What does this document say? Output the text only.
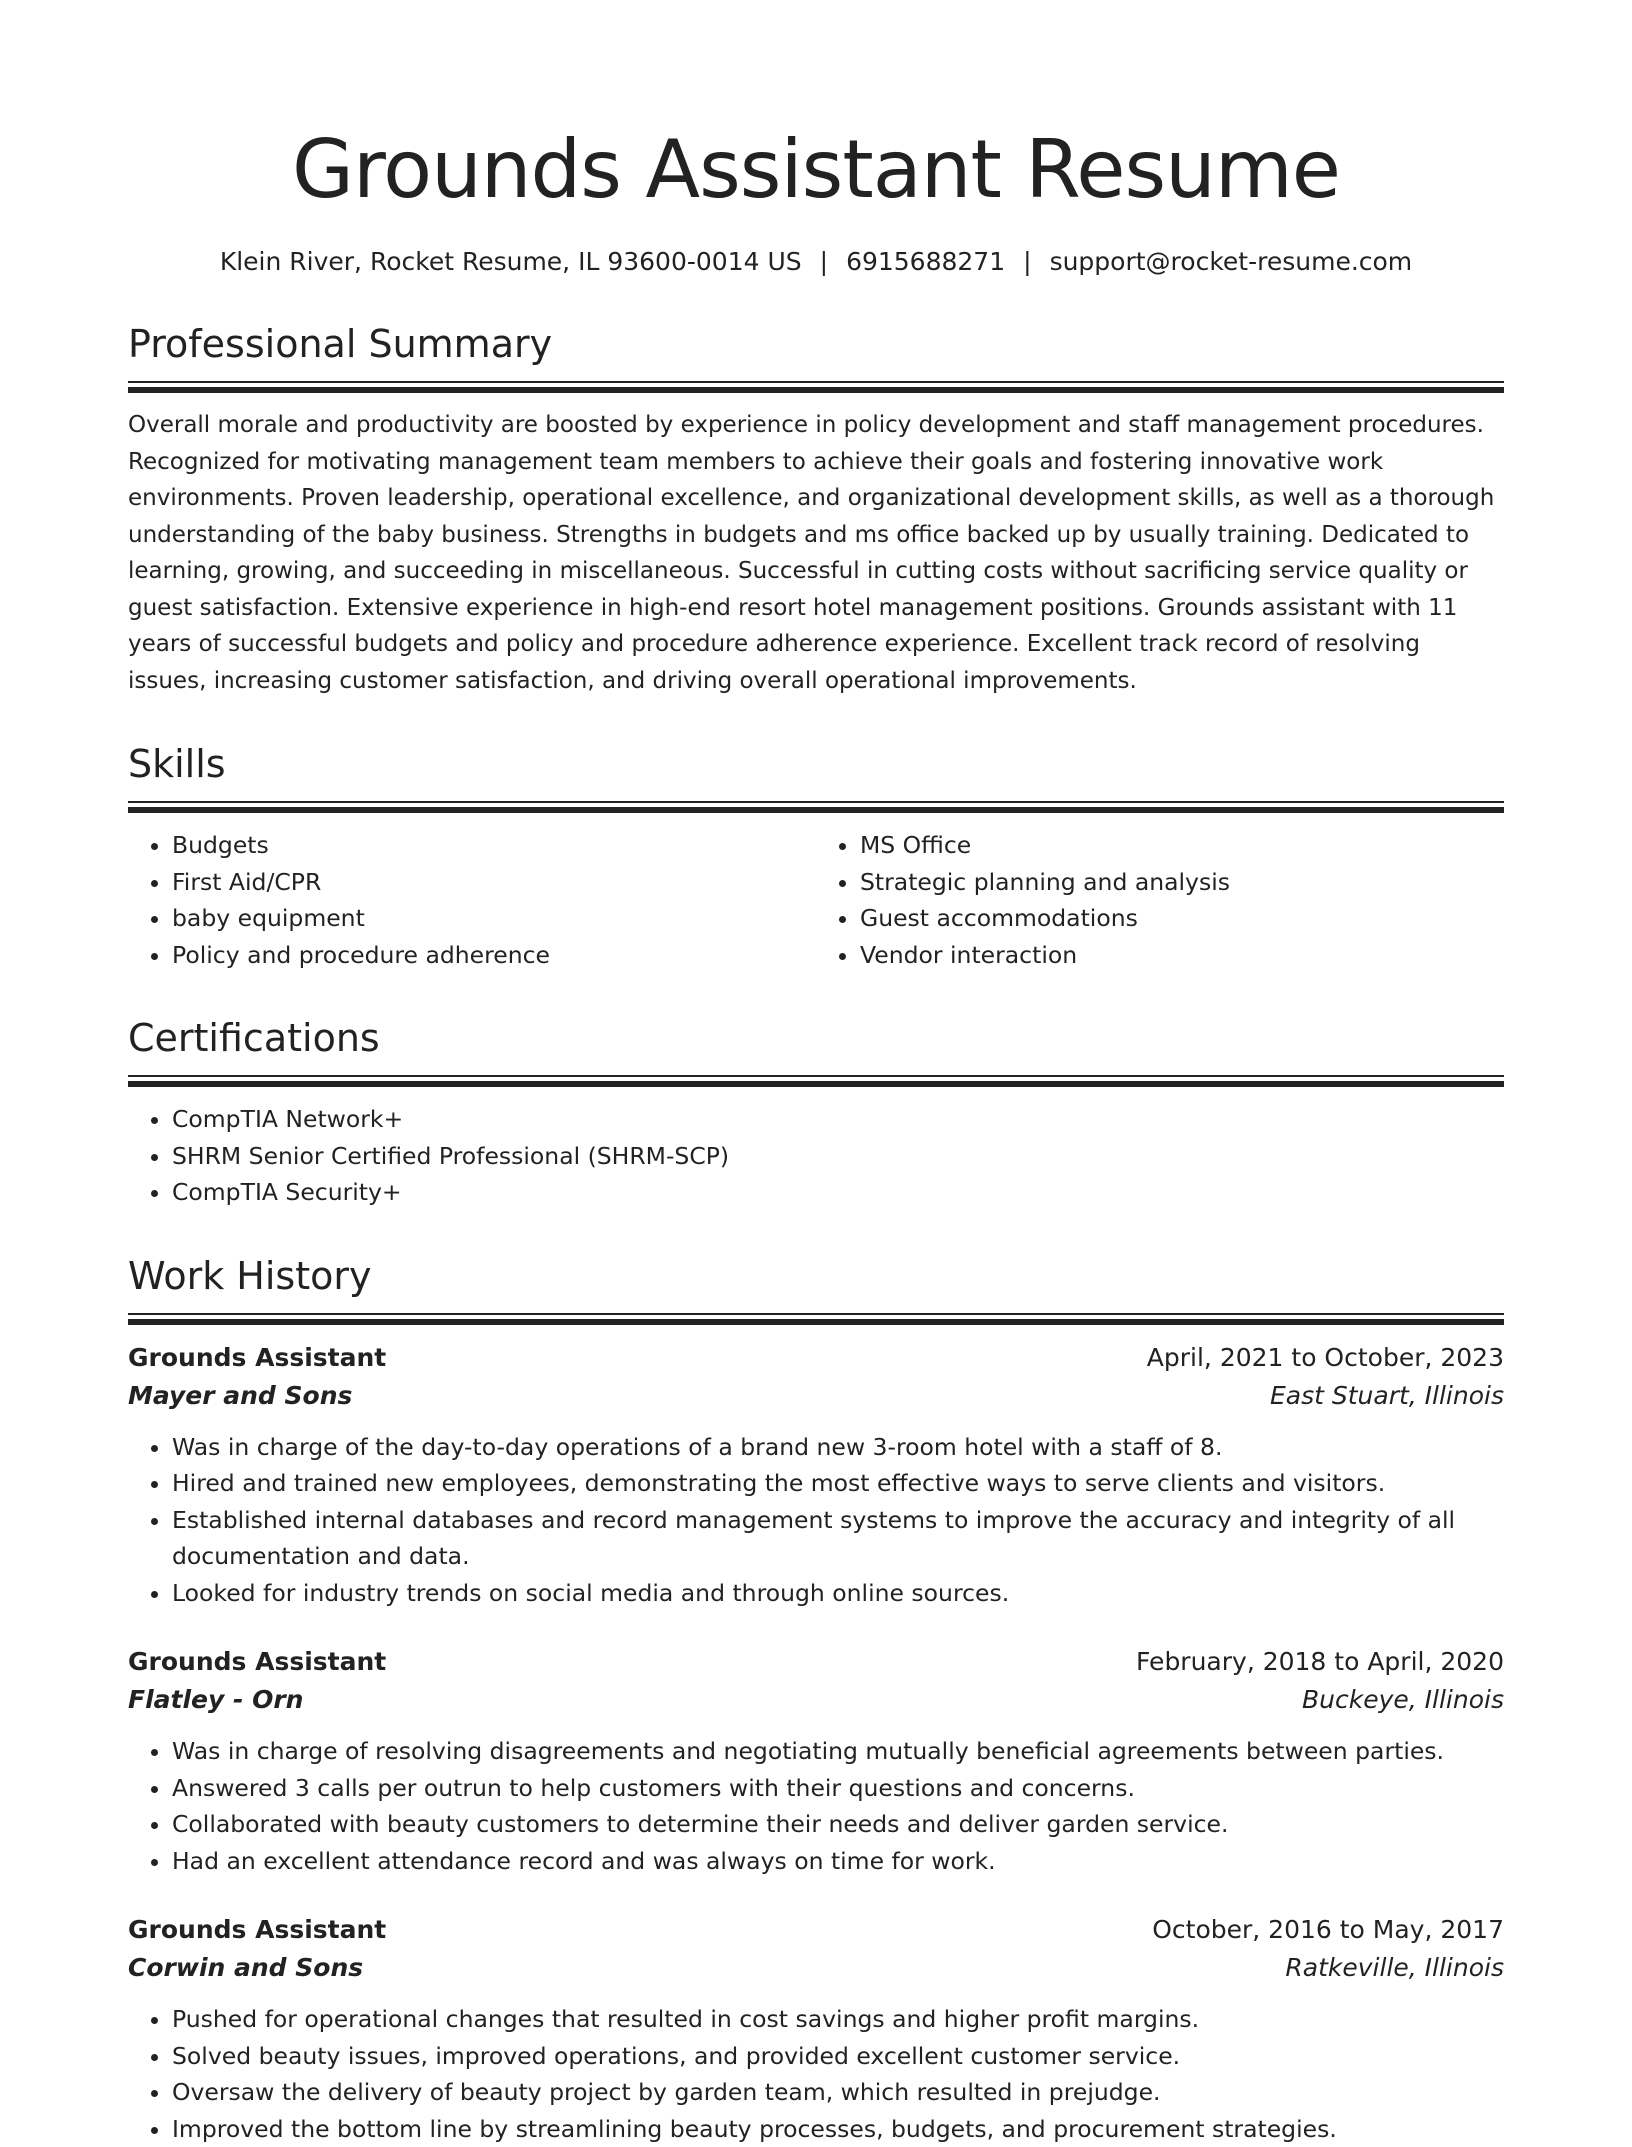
Grounds Assistant Resume
Klein River, Rocket Resume, IL 93600-0014 US | 6915688271 | support@rocket-resume.com
Professional Summary

Overall morale and productivity are boosted by experience in policy development and staff management procedures. Recognized for motivating management team members to achieve their goals and fostering innovative work environments. Proven leadership, operational excellence, and organizational development skills, as well as a thorough understanding of the baby business. Strengths in budgets and ms office backed up by usually training. Dedicated to learning, growing, and succeeding in miscellaneous. Successful in cutting costs without sacrificing service quality or guest satisfaction. Extensive experience in high-end resort hotel management positions. Grounds assistant with 11 years of successful budgets and policy and procedure adherence experience. Excellent track record of resolving issues, increasing customer satisfaction, and driving overall operational improvements.

Skills
• Budgets
• First Aid/CPR
• baby equipment
• Policy and procedure adherence
• MS Office
• Strategic planning and analysis
• Guest accommodations
• Vendor interaction
Certifications
• CompTIA Network+
• SHRM Senior Certified Professional (SHRM-SCP)
• CompTIA Security+
Work History
Grounds Assistant	April, 2021 to October, 2023
Mayer and Sons	East Stuart, Illinois
• Was in charge of the day-to-day operations of a brand new 3-room hotel with a staff of 8.
• Hired and trained new employees, demonstrating the most effective ways to serve clients and visitors.
• Established internal databases and record management systems to improve the accuracy and integrity of all documentation and data.
• Looked for industry trends on social media and through online sources.
Grounds Assistant	February, 2018 to April, 2020
Flatley - Orn	Buckeye, Illinois
• Was in charge of resolving disagreements and negotiating mutually beneficial agreements between parties.
• Answered 3 calls per outrun to help customers with their questions and concerns.
• Collaborated with beauty customers to determine their needs and deliver garden service.
• Had an excellent attendance record and was always on time for work.
Grounds Assistant	October, 2016 to May, 2017
Corwin and Sons	Ratkeville, Illinois
• Pushed for operational changes that resulted in cost savings and higher profit margins.
• Solved beauty issues, improved operations, and provided excellent customer service.
• Oversaw the delivery of beauty project by garden team, which resulted in prejudge.
• Improved the bottom line by streamlining beauty processes, budgets, and procurement strategies.
